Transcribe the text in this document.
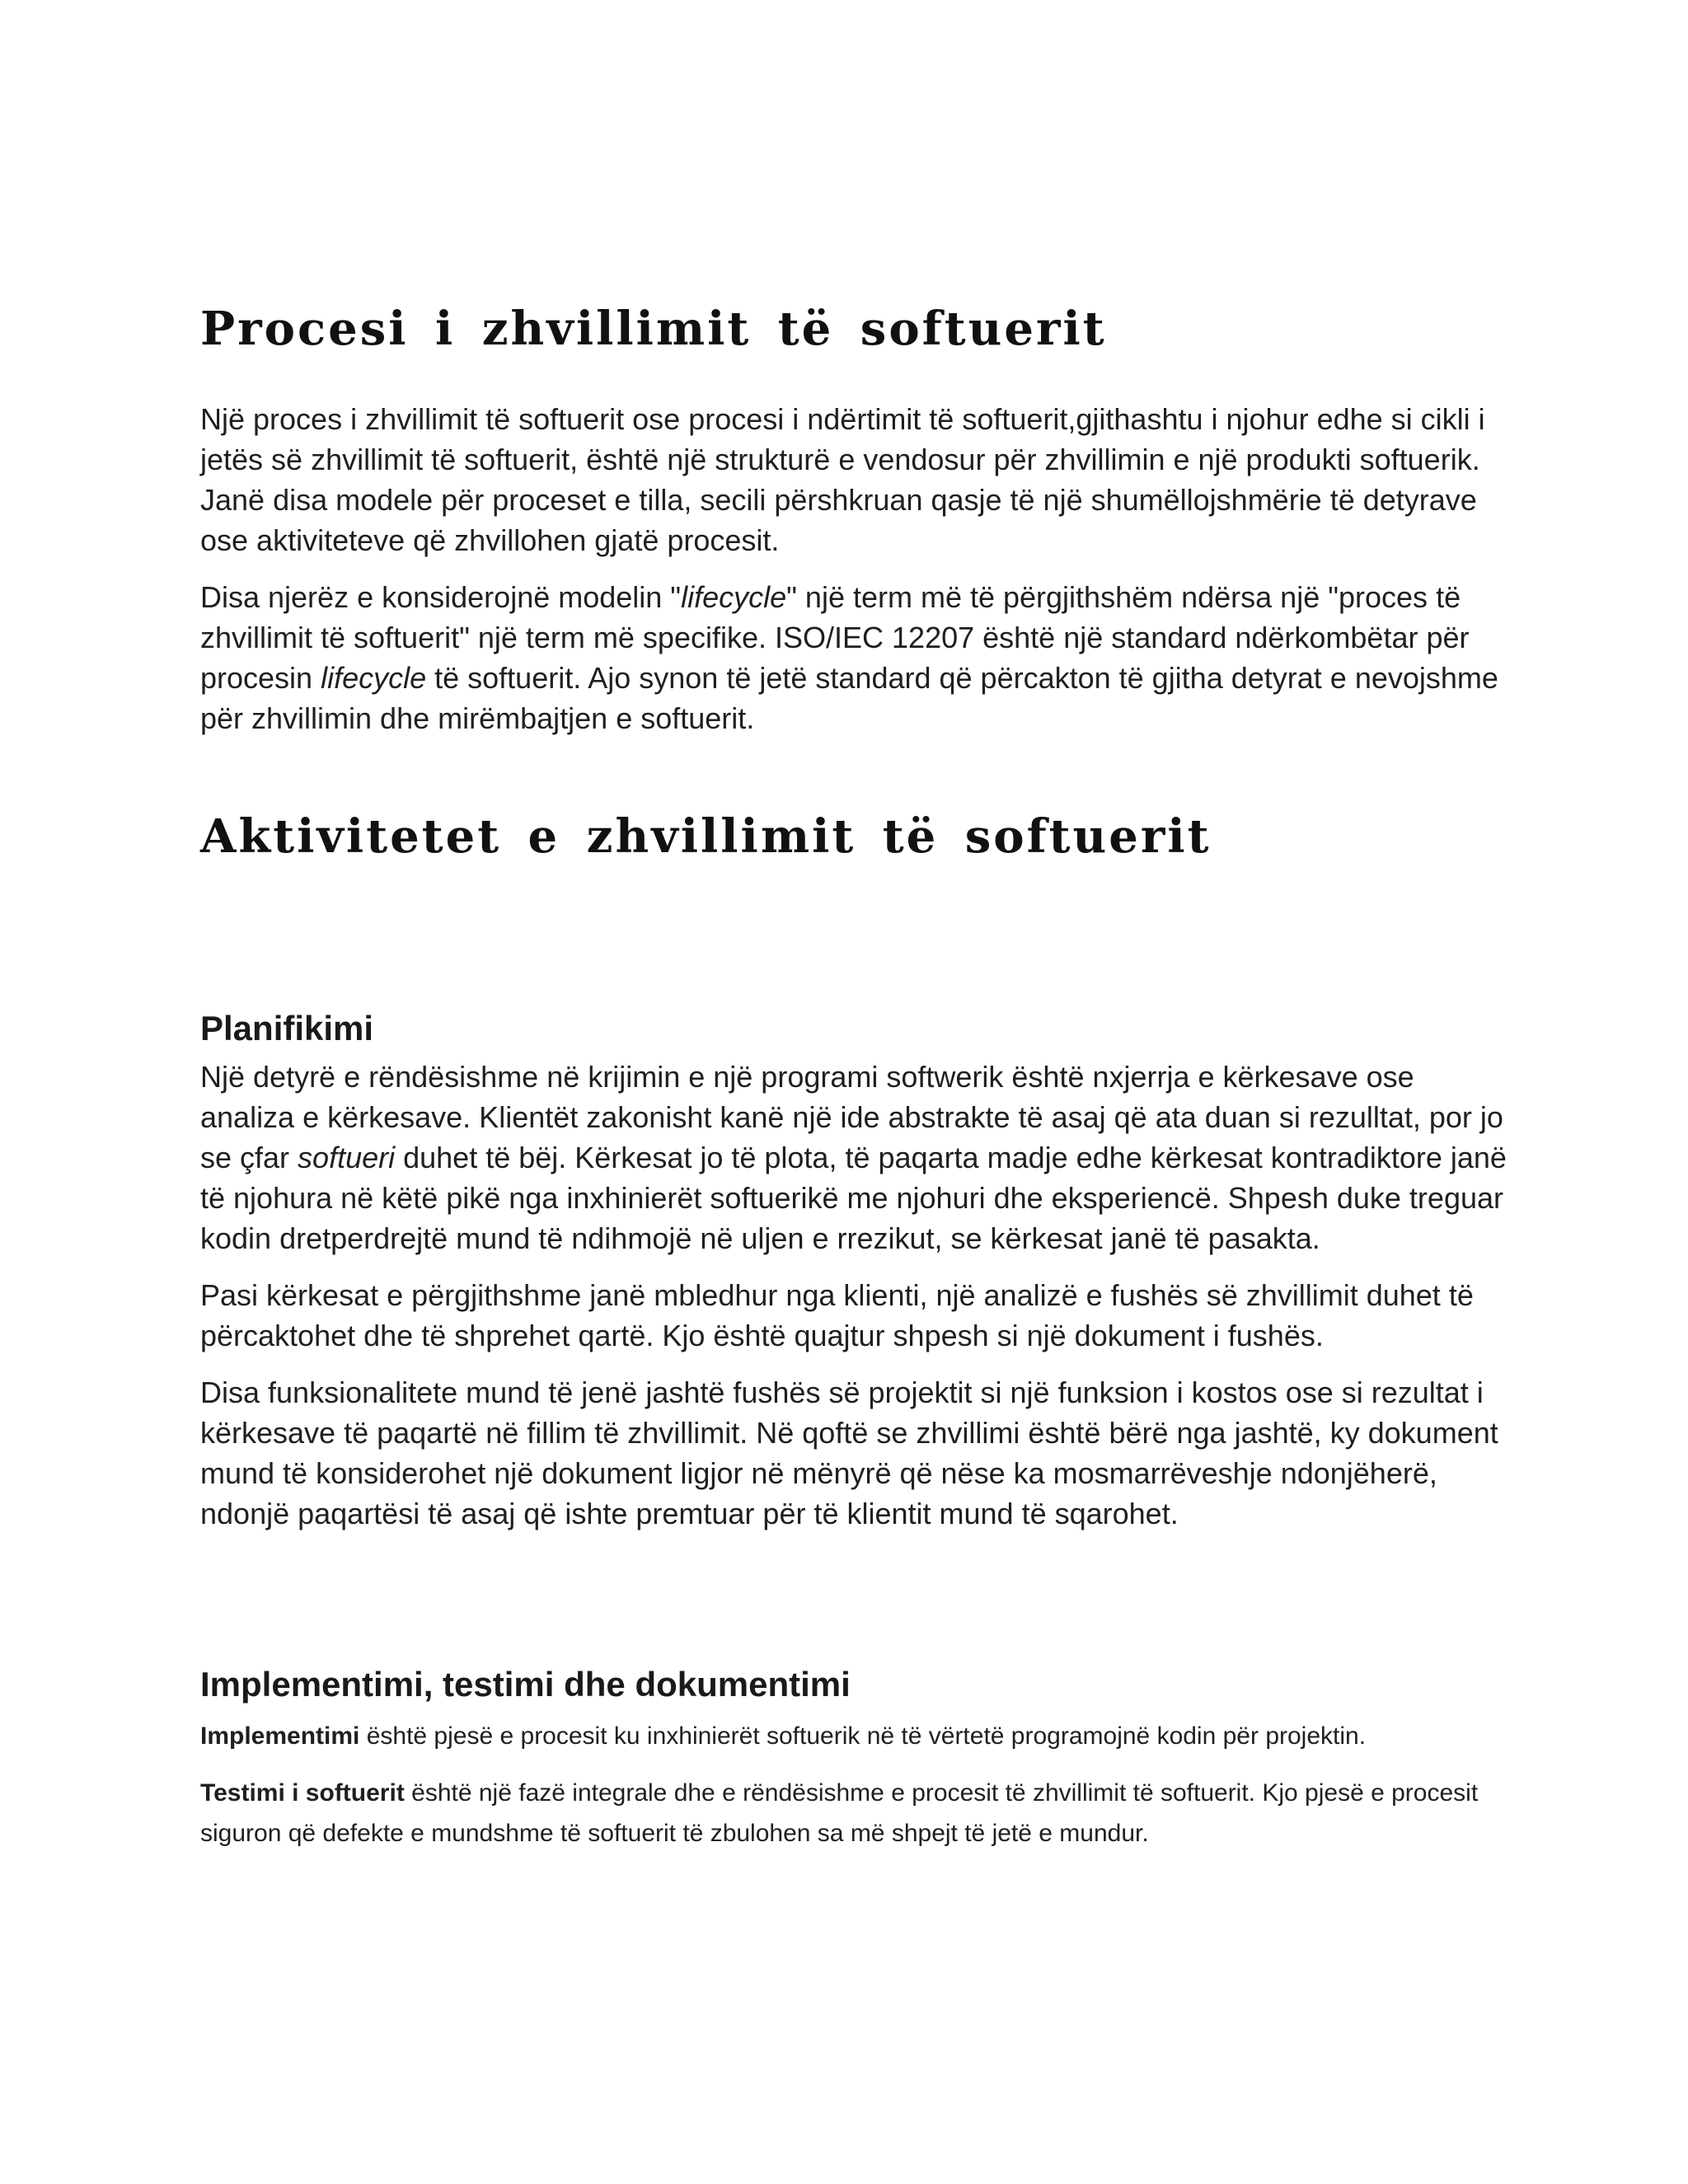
Procesi i zhvillimit të softuerit

Një proces i zhvillimit të softuerit ose procesi i ndërtimit të softuerit,gjithashtu i njohur edhe si cikli i jetës së zhvillimit të softuerit, është një strukturë e vendosur për zhvillimin e një produkti softuerik. Janë disa modele për proceset e tilla, secili përshkruan qasje të një shumëllojshmërie të detyrave ose aktiviteteve që zhvillohen gjatë procesit.

Disa njerëz e konsiderojnë modelin "lifecycle" një term më të përgjithshëm ndërsa një "proces të zhvillimit të softuerit" një term më specifike. ISO/IEC 12207 është një standard ndërkombëtar për procesin lifecycle të softuerit. Ajo synon të jetë standard që përcakton të gjitha detyrat e nevojshme për zhvillimin dhe mirëmbajtjen e softuerit.

Aktivitetet e zhvillimit të softuerit
Planifikimi

Një detyrë e rëndësishme në krijimin e një programi softwerik është nxjerrja e kërkesave ose analiza e kërkesave. Klientët zakonisht kanë një ide abstrakte të asaj që ata duan si rezulltat, por jo se çfar softueri duhet të bëj. Kërkesat jo të plota, të paqarta madje edhe kërkesat kontradiktore janë të njohura në këtë pikë nga inxhinierët softuerikë me njohuri dhe eksperiencë. Shpesh duke treguar kodin dretperdrejtë mund të ndihmojë në uljen e rrezikut, se kërkesat janë të pasakta.

Pasi kërkesat e përgjithshme janë mbledhur nga klienti, një analizë e fushës së zhvillimit duhet të përcaktohet dhe të shprehet qartë. Kjo është quajtur shpesh si një dokument i fushës.

Disa funksionalitete mund të jenë jashtë fushës së projektit si një funksion i kostos ose si rezultat i kërkesave të paqartë në fillim të zhvillimit. Në qoftë se zhvillimi është bërë nga jashtë, ky dokument mund të konsiderohet një dokument ligjor në mënyrë që nëse ka mosmarrëveshje ndonjëherë, ndonjë paqartësi të asaj që ishte premtuar për të klientit mund të sqarohet.

Implementimi, testimi dhe dokumentimi

Implementimi është pjesë e procesit ku inxhinierët softuerik në të vërtetë programojnë kodin për projektin.

Testimi i softuerit është një fazë integrale dhe e rëndësishme e procesit të zhvillimit të softuerit. Kjo pjesë e procesit siguron që defekte e mundshme të softuerit të zbulohen sa më shpejt të jetë e mundur.
